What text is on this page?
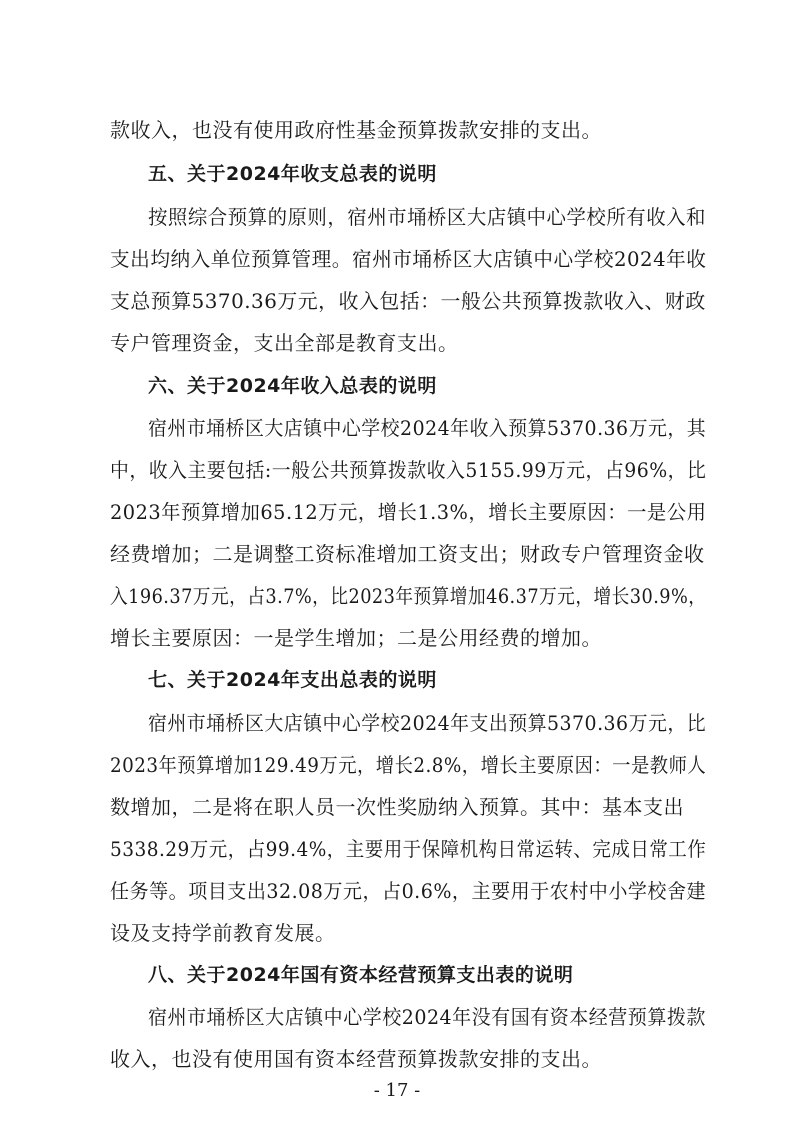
款收入，也没有使用政府性基金预算拨款安排的支出。
五、关于2024年收支总表的说明
按照综合预算的原则，宿州市埇桥区大店镇中心学校所有收入和
支出均纳入单位预算管理。宿州市埇桥区大店镇中心学校2024年收
支总预算5370.36万元，收入包括：一般公共预算拨款收入、财政
专户管理资金，支出全部是教育支出。
六、关于2024年收入总表的说明
宿州市埇桥区大店镇中心学校2024年收入预算5370.36万元，其
中，收入主要包括:一般公共预算拨款收入5155.99万元，占96%，比
2023年预算增加65.12万元，增长1.3%，增长主要原因：一是公用
经费增加；二是调整工资标准增加工资支出；财政专户管理资金收
入196.37万元，占3.7%，比2023年预算增加46.37万元，增长30.9%，
增长主要原因：一是学生增加；二是公用经费的增加。
七、关于2024年支出总表的说明
宿州市埇桥区大店镇中心学校2024年支出预算5370.36万元，比
2023年预算增加129.49万元，增长2.8%，增长主要原因：一是教师人
数增加，二是将在职人员一次性奖励纳入预算。其中：基本支出
5338.29万元，占99.4%，主要用于保障机构日常运转、完成日常工作
任务等。项目支出32.08万元，占0.6%，主要用于农村中小学校舍建
设及支持学前教育发展。
八、关于2024年国有资本经营预算支出表的说明
宿州市埇桥区大店镇中心学校2024年没有国有资本经营预算拨款
收入，也没有使用国有资本经营预算拨款安排的支出。
- 17 -
